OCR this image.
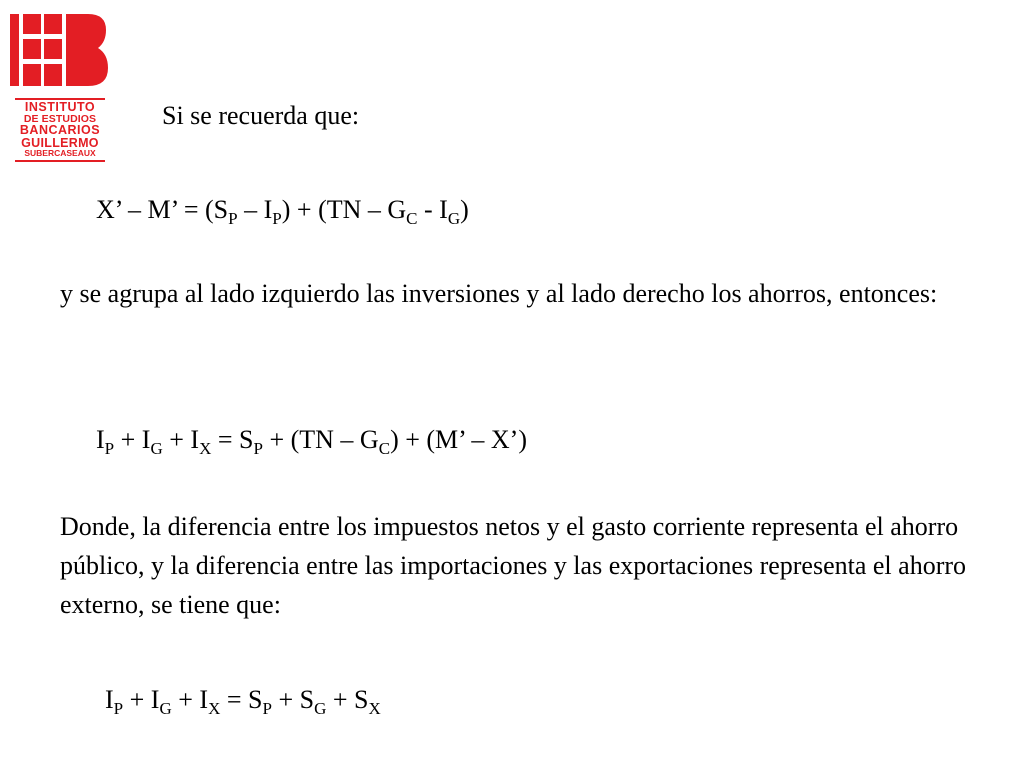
INSTITUTO
DE ESTUDIOS
BANCARIOS
GUILLERMO
SUBERCASEAUX
Si se recuerda que:
X’ – M’ = $(S_P - I_P) + (TN - G_C - I_G)$
y se agrupa al lado izquierdo las inversiones y al lado derecho los ahorros, entonces:
$I_P + I_G + I_X = S_P + (TN - G_C) + (M$’ – X’)
Donde, la diferencia entre los impuestos netos y el gasto corriente representa el ahorro público, y la diferencia entre las importaciones y las exportaciones representa el ahorro externo, se tiene que:
$I_P + I_G + I_X = S_P + S_G + S_X$
